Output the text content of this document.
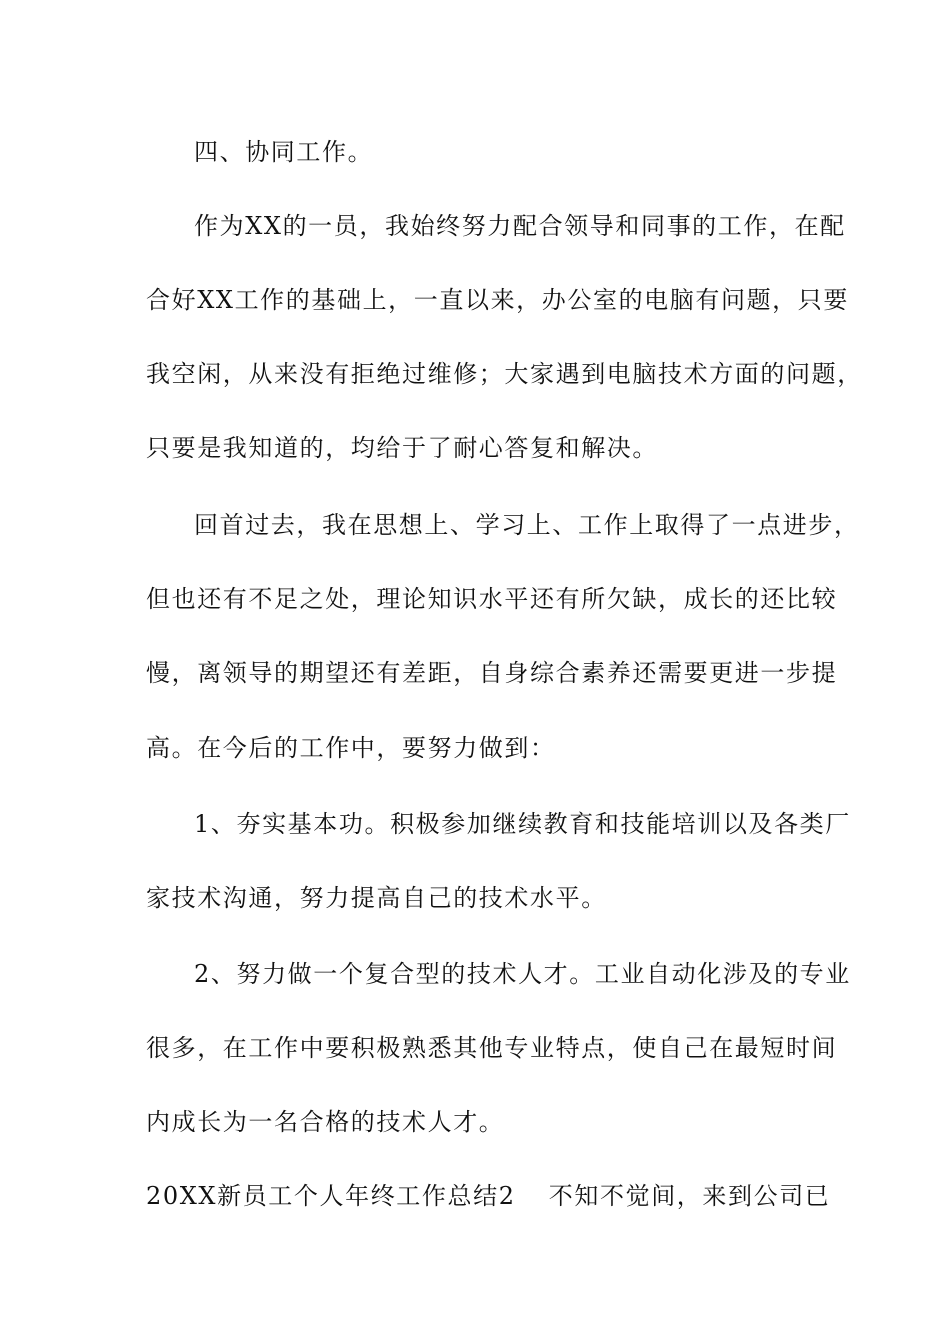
四、协同工作。
作为XX的一员，我始终努力配合领导和同事的工作，在配
合好XX工作的基础上，一直以来，办公室的电脑有问题，只要
我空闲，从来没有拒绝过维修；大家遇到电脑技术方面的问题，
只要是我知道的，均给于了耐心答复和解决。
回首过去，我在思想上、学习上、工作上取得了一点进步，
但也还有不足之处，理论知识水平还有所欠缺，成长的还比较
慢，离领导的期望还有差距，自身综合素养还需要更进一步提
高。在今后的工作中，要努力做到：
1、夯实基本功。积极参加继续教育和技能培训以及各类厂
家技术沟通，努力提高自己的技术水平。
2、努力做一个复合型的技术人才。工业自动化涉及的专业
很多，在工作中要积极熟悉其他专业特点，使自己在最短时间
内成长为一名合格的技术人才。
20XX新员工个人年终工作总结2 不知不觉间，来到公司已
